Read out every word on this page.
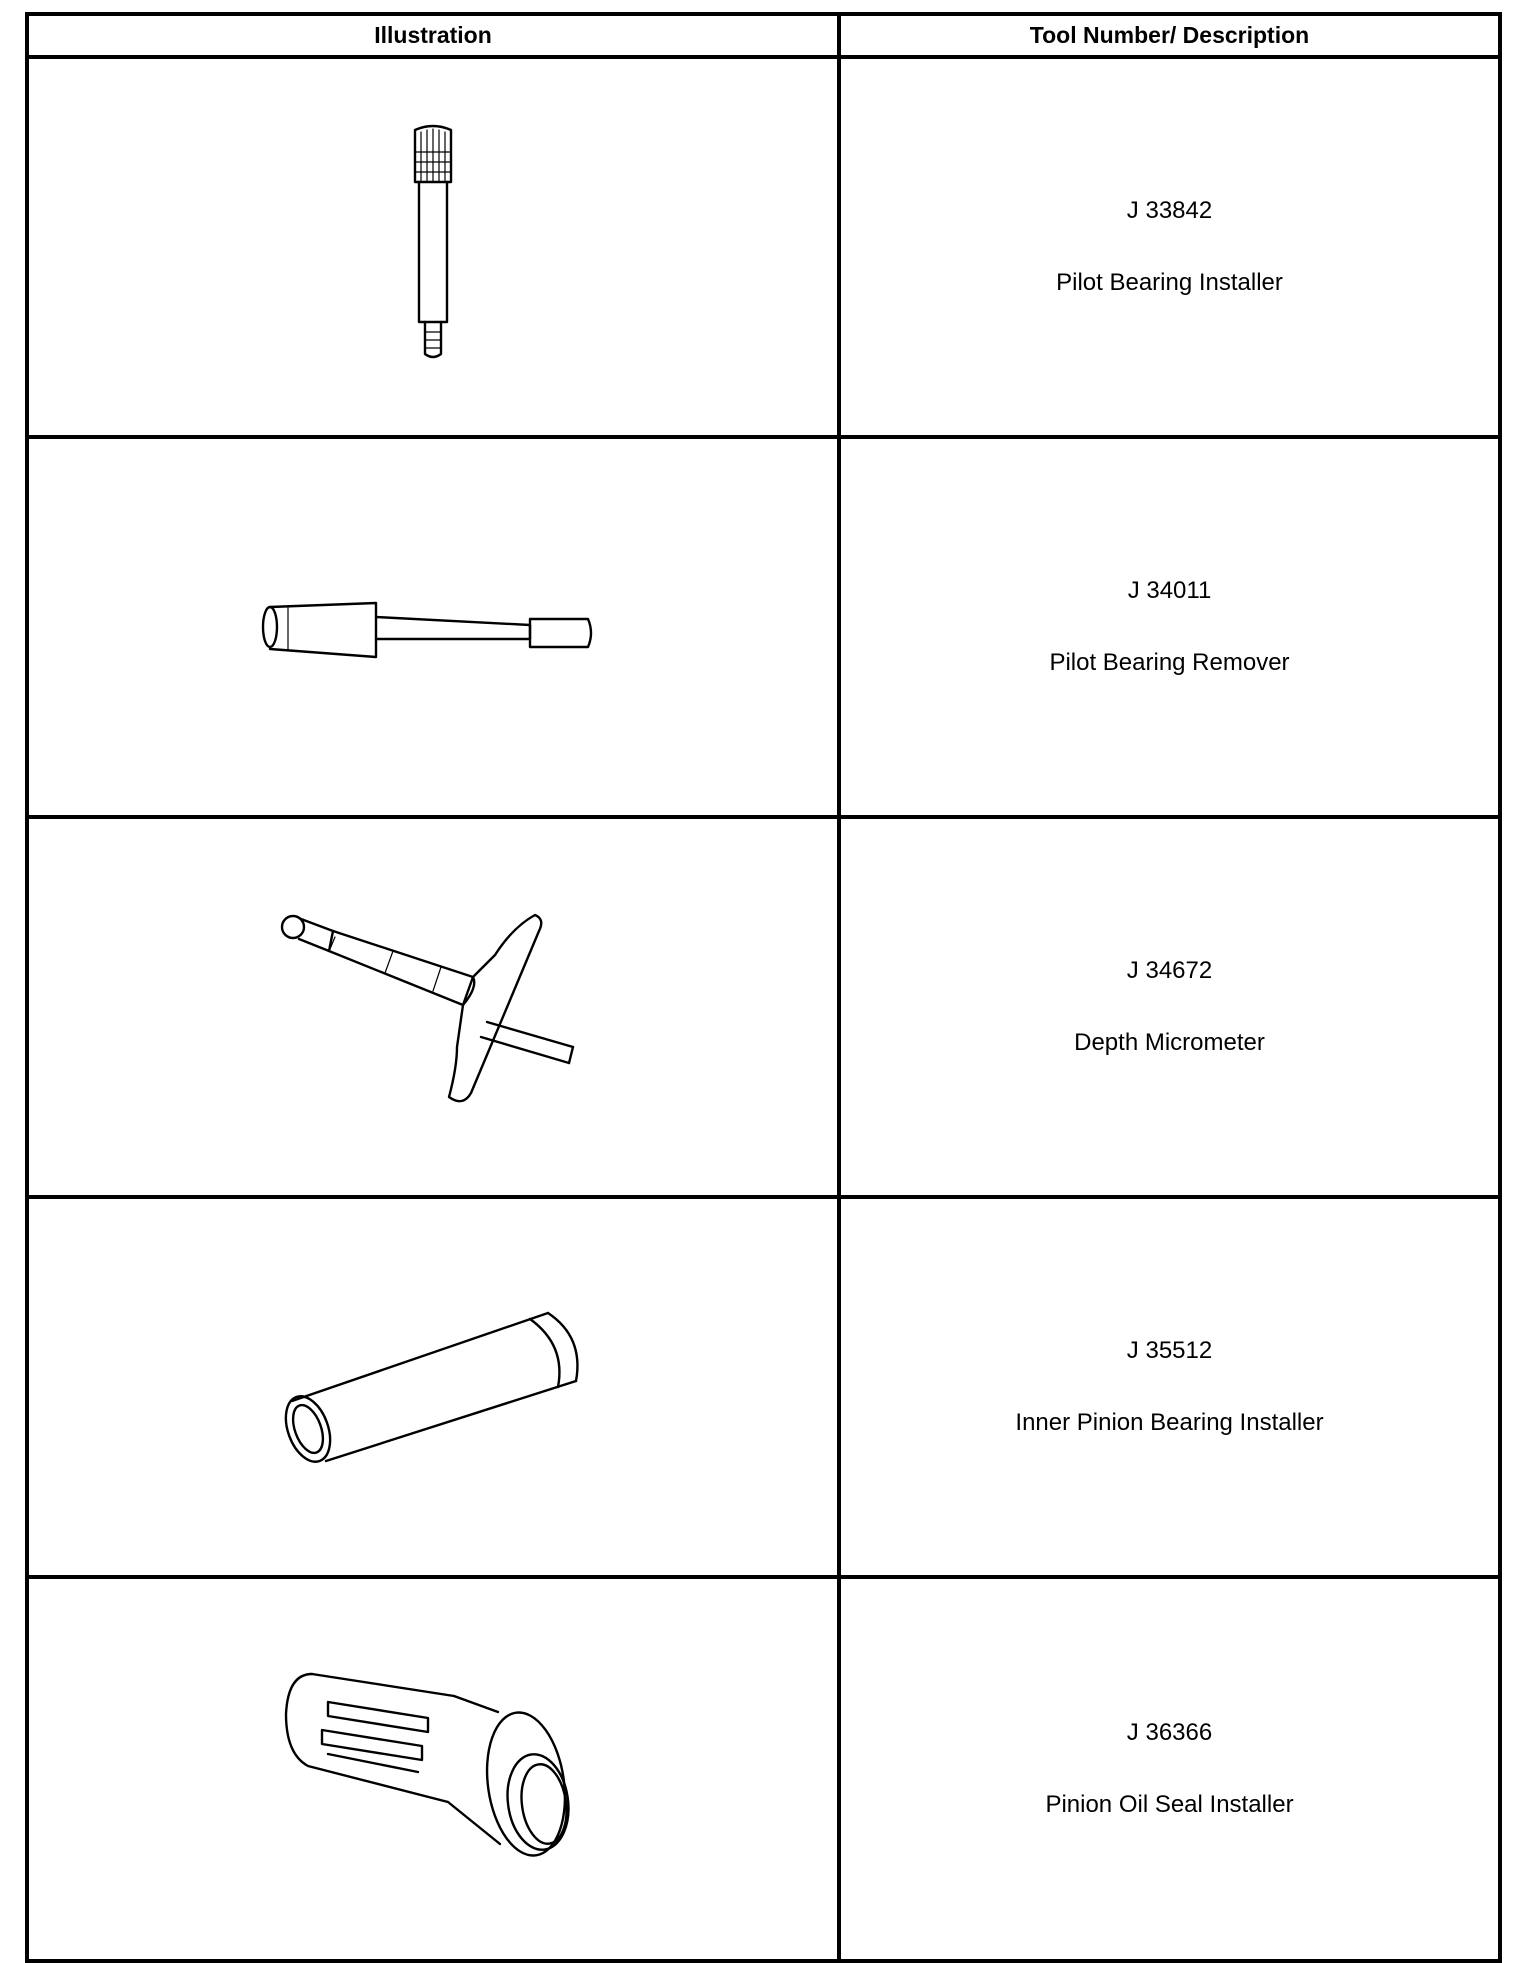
Illustration	Tool Number/ Description
J 33842
Pilot Bearing Installer
J 34011
Pilot Bearing Remover
J 34672
Depth Micrometer
J 35512
Inner Pinion Bearing Installer
J 36366
Pinion Oil Seal Installer
